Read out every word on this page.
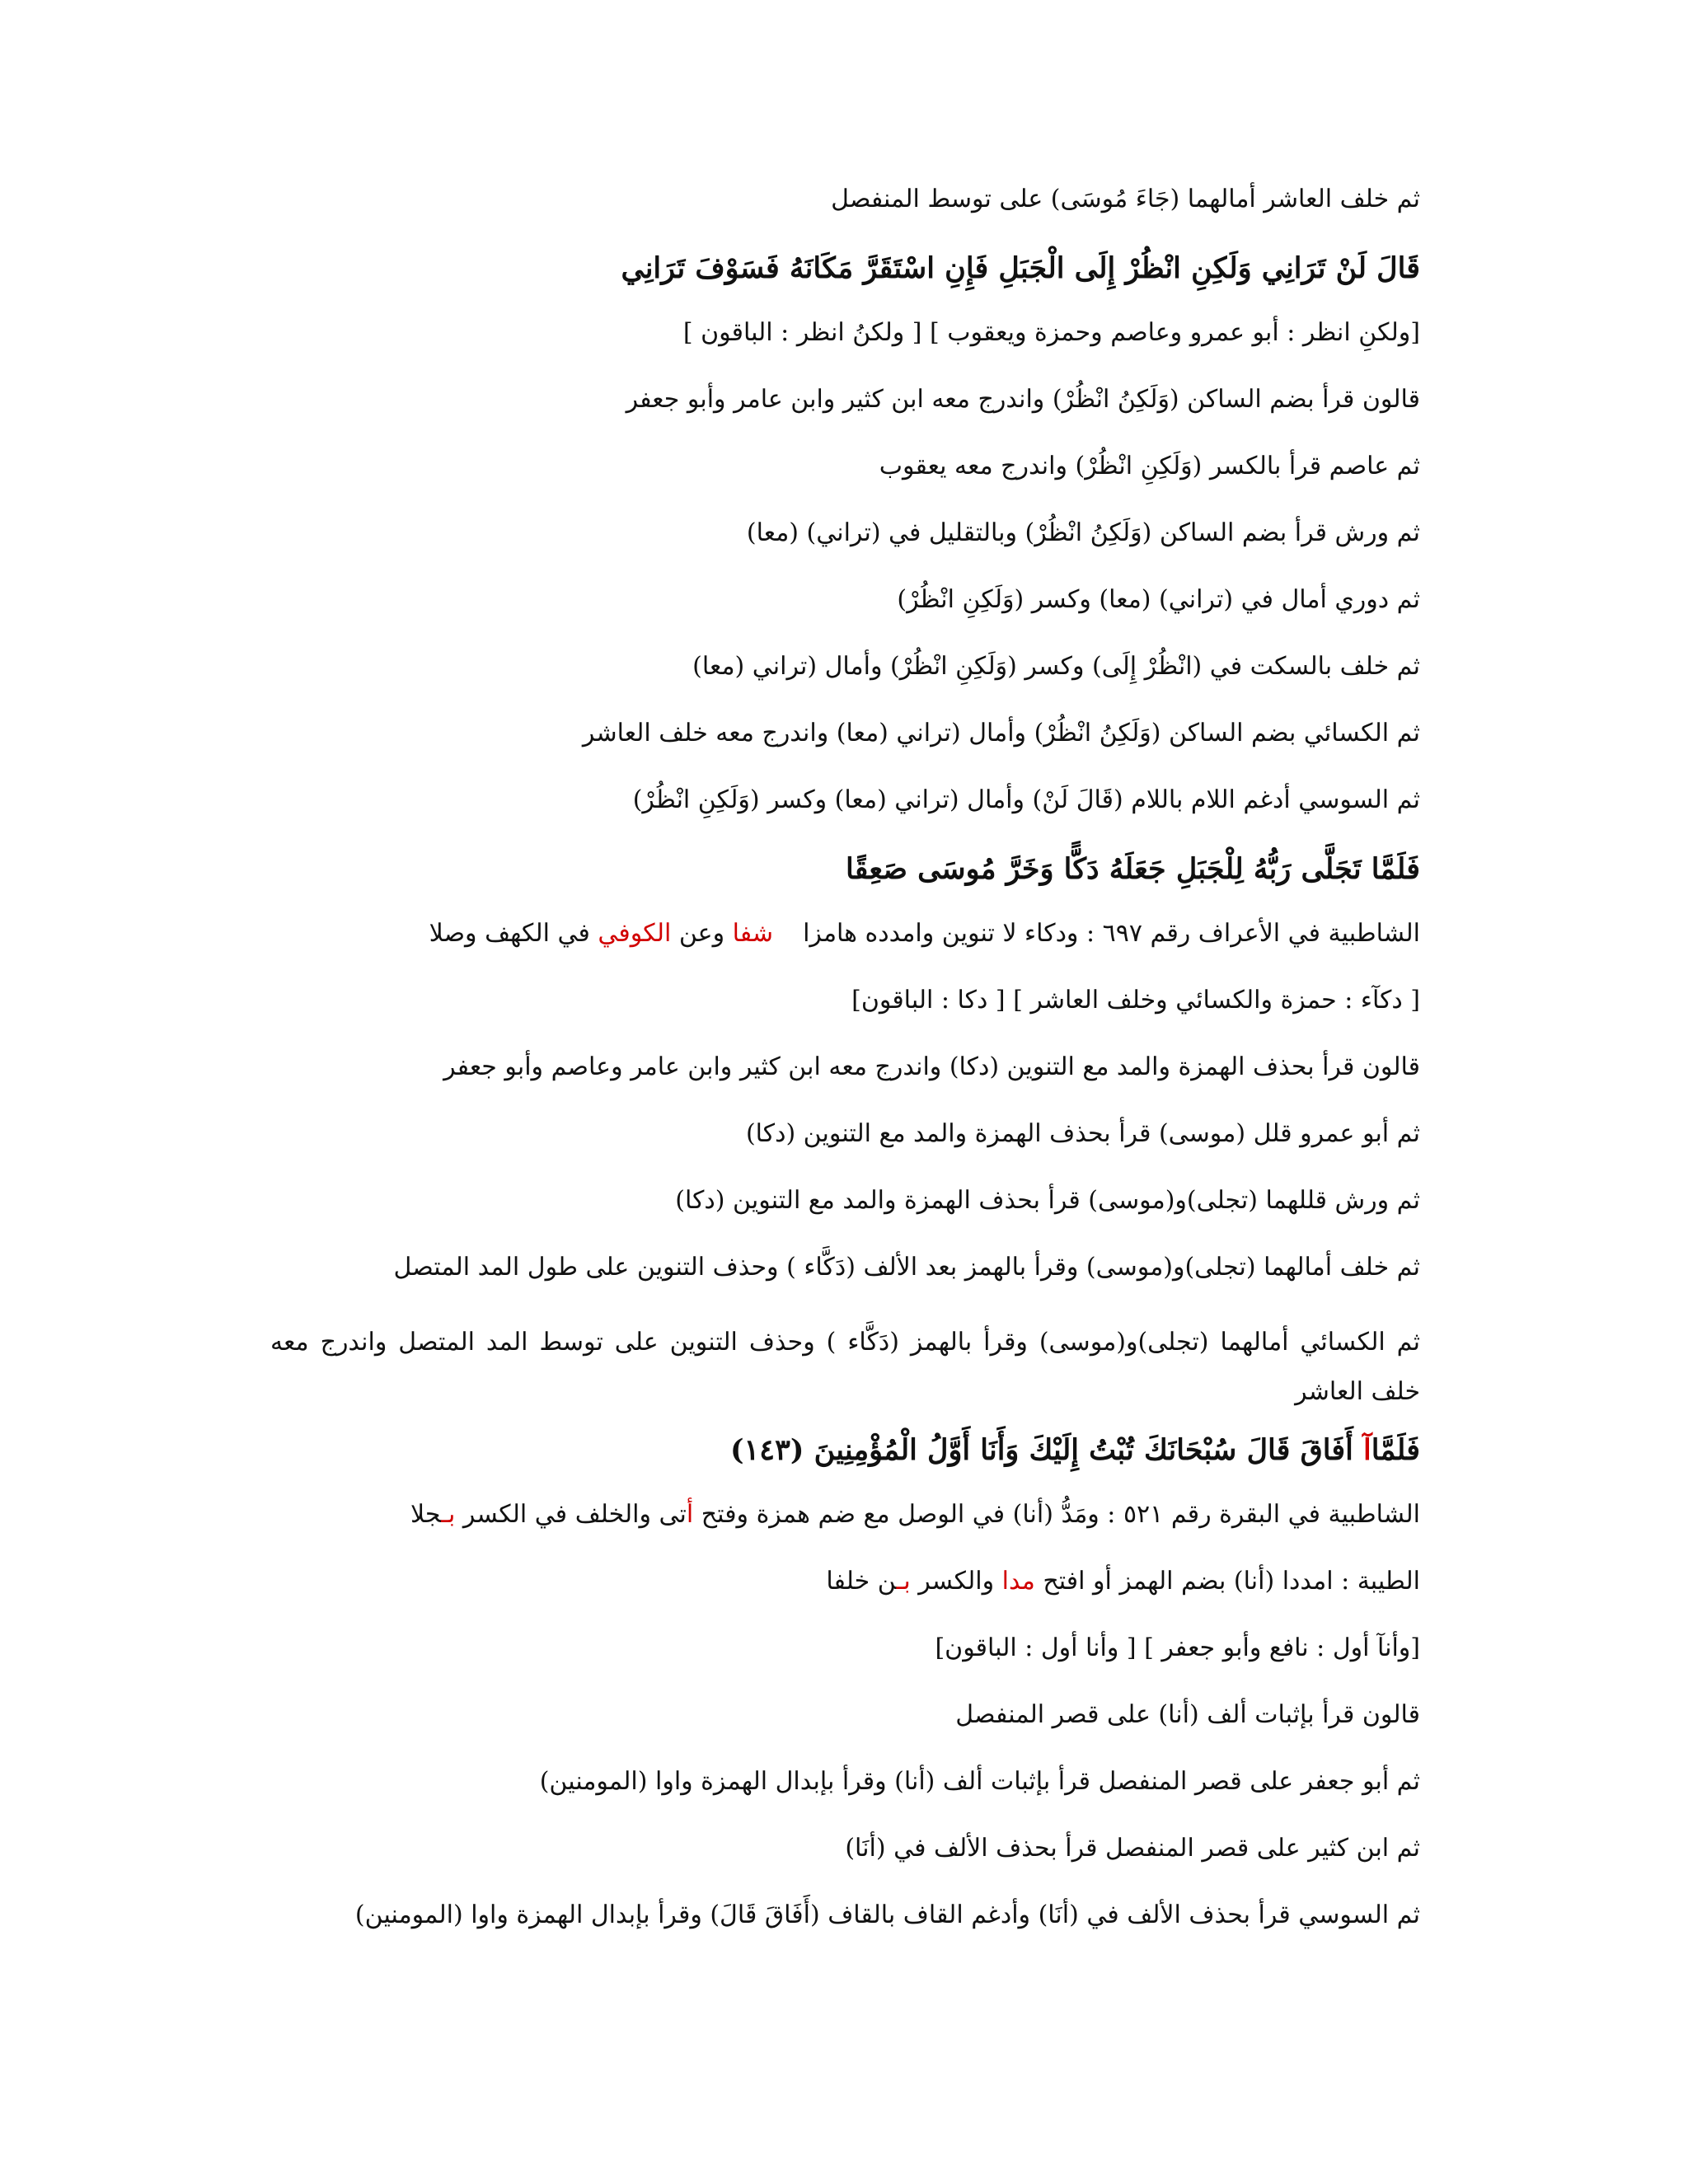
ثم خلف العاشر أمالهما (جَاءَ مُوسَى) على توسط المنفصل

قَالَ لَنْ تَرَانِي وَلَكِنِ انْظُرْ إِلَى الْجَبَلِ فَإِنِ اسْتَقَرَّ مَكَانَهُ فَسَوْفَ تَرَانِي

[ولكنِ انظر : أبو عمرو وعاصم وحمزة ويعقوب ] [ ولكنُ انظر : الباقون ]

قالون قرأ بضم الساكن (وَلَكِنُ انْظُرْ) واندرج معه ابن كثير وابن عامر وأبو جعفر

ثم عاصم قرأ بالكسر (وَلَكِنِ انْظُرْ) واندرج معه يعقوب

ثم ورش قرأ بضم الساكن (وَلَكِنُ انْظُرْ) وبالتقليل في (تراني) (معا)

ثم دوري أمال في (تراني) (معا) وكسر (وَلَكِنِ انْظُرْ)

ثم خلف بالسكت في (انْظُرْ إِلَى) وكسر (وَلَكِنِ انْظُرْ) وأمال (تراني (معا)

ثم الكسائي بضم الساكن (وَلَكِنُ انْظُرْ) وأمال (تراني (معا) واندرج معه خلف العاشر

ثم السوسي أدغم اللام باللام (قَالَ لَنْ) وأمال (تراني (معا) وكسر (وَلَكِنِ انْظُرْ)

فَلَمَّا تَجَلَّى رَبُّهُ لِلْجَبَلِ جَعَلَهُ دَكًّا وَخَرَّ مُوسَى صَعِقًا

الشاطبية في الأعراف رقم ٦٩٧ : ودكاء لا تنوين وامدده هامزاشفا وعن الكوفي في الكهف وصلا

[ دكآء : حمزة والكسائي وخلف العاشر ] [ دكا : الباقون]

قالون قرأ بحذف الهمزة والمد مع التنوين (دكا) واندرج معه ابن كثير وابن عامر وعاصم وأبو جعفر

ثم أبو عمرو قلل (موسى) قرأ بحذف الهمزة والمد مع التنوين (دكا)

ثم ورش قللهما (تجلى)و(موسى) قرأ بحذف الهمزة والمد مع التنوين (دكا)

ثم خلف أمالهما (تجلى)و(موسى) وقرأ بالهمز بعد الألف (دَكَّاء ) وحذف التنوين على طول المد المتصل

ثم الكسائي أمالهما (تجلى)و(موسى) وقرأ بالهمز (دَكَّاء ) وحذف التنوين على توسط المد المتصل واندرج معه خلف العاشر

فَلَمَّاآ أَفَاقَ قَالَ سُبْحَانَكَ تُبْتُ إِلَيْكَ وَأَنَا أَوَّلُ الْمُؤْمِنِينَ (١٤٣)

الشاطبية في البقرة رقم ٥٢١ : ومَدُّ (أنا) في الوصل مع ضم همزة وفتح أتى والخلف في الكسر بـجلا

الطيبة : امددا (أنا) بضم الهمز أو افتح مدا والكسر بـن خلفا

[وأنآ أول : نافع وأبو جعفر ] [ وأنا أول : الباقون]

قالون قرأ بإثبات ألف (أنا) على قصر المنفصل

ثم أبو جعفر على قصر المنفصل قرأ بإثبات ألف (أنا) وقرأ بإبدال الهمزة واوا (المومنين)

ثم ابن كثير على قصر المنفصل قرأ بحذف الألف في (أنَا)

ثم السوسي قرأ بحذف الألف في (أنَا) وأدغم القاف بالقاف (أَفَاقَ قَالَ) وقرأ بإبدال الهمزة واوا (المومنين)
